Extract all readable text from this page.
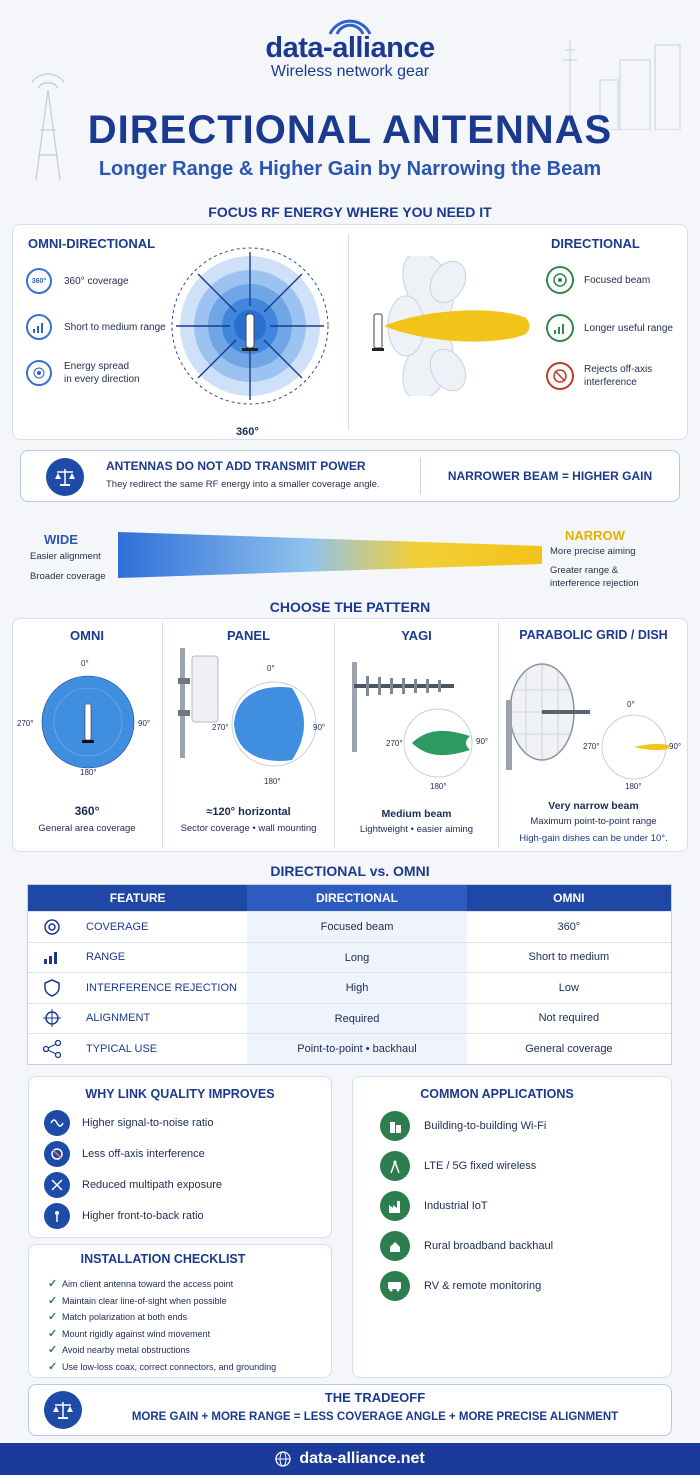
data-alliance
Wireless network gear
DIRECTIONAL ANTENNAS
Longer Range & Higher Gain by Narrowing the Beam
FOCUS RF ENERGY WHERE YOU NEED IT
OMNI-DIRECTIONAL
360° 360° coverage
Short to medium range
Energy spread
in every direction
360°
DIRECTIONAL
Focused beam
Longer useful range
Rejects off-axis
interference
ANTENNAS DO NOT ADD TRANSMIT POWER
They redirect the same RF energy into a smaller coverage angle.
NARROWER BEAM = HIGHER GAIN
WIDE
Easier alignment
Broader coverage
NARROW
More precise aiming
Greater range &
interference rejection
CHOOSE THE PATTERN
OMNI
0°
270°	90°
180°
360°
General area coverage
PANEL
0°
270°	90°
180°
≈120° horizontal
Sector coverage • wall mounting
YAGI
270°	90°
180°
Medium beam
Lightweight • easier aiming
PARABOLIC GRID / DISH
0°
270°	90°
180°
Very narrow beam
Maximum point-to-point range
High-gain dishes can be under 10°.
DIRECTIONAL vs. OMNI
FEATURE	DIRECTIONAL	OMNI
COVERAGE	Focused beam	360°
RANGE	Long	Short to medium
INTERFERENCE REJECTION	High	Low
ALIGNMENT	Required	Not required
TYPICAL USE	Point-to-point • backhaul	General coverage
WHY LINK QUALITY IMPROVES
Higher signal-to-noise ratio
Less off-axis interference
Reduced multipath exposure
Higher front-to-back ratio
COMMON APPLICATIONS
Building-to-building Wi-Fi
LTE / 5G fixed wireless
Industrial IoT
Rural broadband backhaul
RV & remote monitoring
INSTALLATION CHECKLIST
✓ Aim client antenna toward the access point
✓ Maintain clear line-of-sight when possible
✓ Match polarization at both ends
✓ Mount rigidly against wind movement
✓ Avoid nearby metal obstructions
✓ Use low-loss coax, correct connectors, and grounding
THE TRADEOFF
MORE GAIN + MORE RANGE = LESS COVERAGE ANGLE + MORE PRECISE ALIGNMENT
data-alliance.net
